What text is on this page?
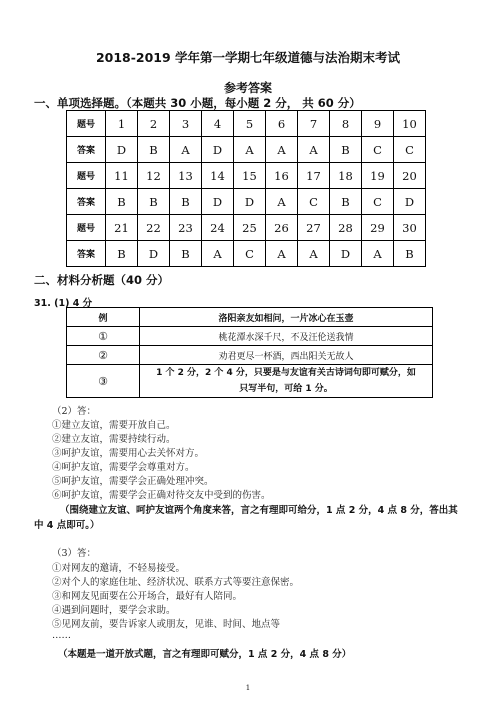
2018-2019 学年第一学期七年级道德与法治期末考试
参考答案
一、单项选择题。（本题共 30 小题，每小题 2 分， 共 60 分）
题号	1	2	3	4	5	6	7	8	9	10
答案	D	B	A	D	A	A	A	B	C	C
题号	11	12	13	14	15	16	17	18	19	20
答案	B	B	B	D	D	A	C	B	C	D
题号	21	22	23	24	25	26	27	28	29	30
答案	B	D	B	A	C	A	A	D	A	B
二、材料分析题（40 分）
31. (1) 4 分
例	洛阳亲友如相问，一片冰心在玉壶
①	桃花潭水深千尺，不及汪伦送我情
②	劝君更尽一杯酒，西出阳关无故人
③	1 个 2 分，2 个 4 分，只要是与友谊有关古诗词句即可赋分，如
只写半句，可给 1 分。
（2）答：
①建立友谊，需要开放自己。
②建立友谊，需要持续行动。
③呵护友谊，需要用心去关怀对方。
④呵护友谊，需要学会尊重对方。
⑤呵护友谊，需要学会正确处理冲突。
⑥呵护友谊，需要学会正确对待交友中受到的伤害。
（围绕建立友谊、呵护友谊两个角度来答，言之有理即可给分，1 点 2 分，4 点 8 分，答出其
中 4 点即可。）
（3）答：
①对网友的邀请，不轻易接受。
②对个人的家庭住址、经济状况、联系方式等要注意保密。
③和网友见面要在公开场合，最好有人陪同。
④遇到问题时，要学会求助。
⑤见网友前，要告诉家人或朋友，见谁、时间、地点等
……
（本题是一道开放式题，言之有理即可赋分，1 点 2 分，4 点 8 分）
1
